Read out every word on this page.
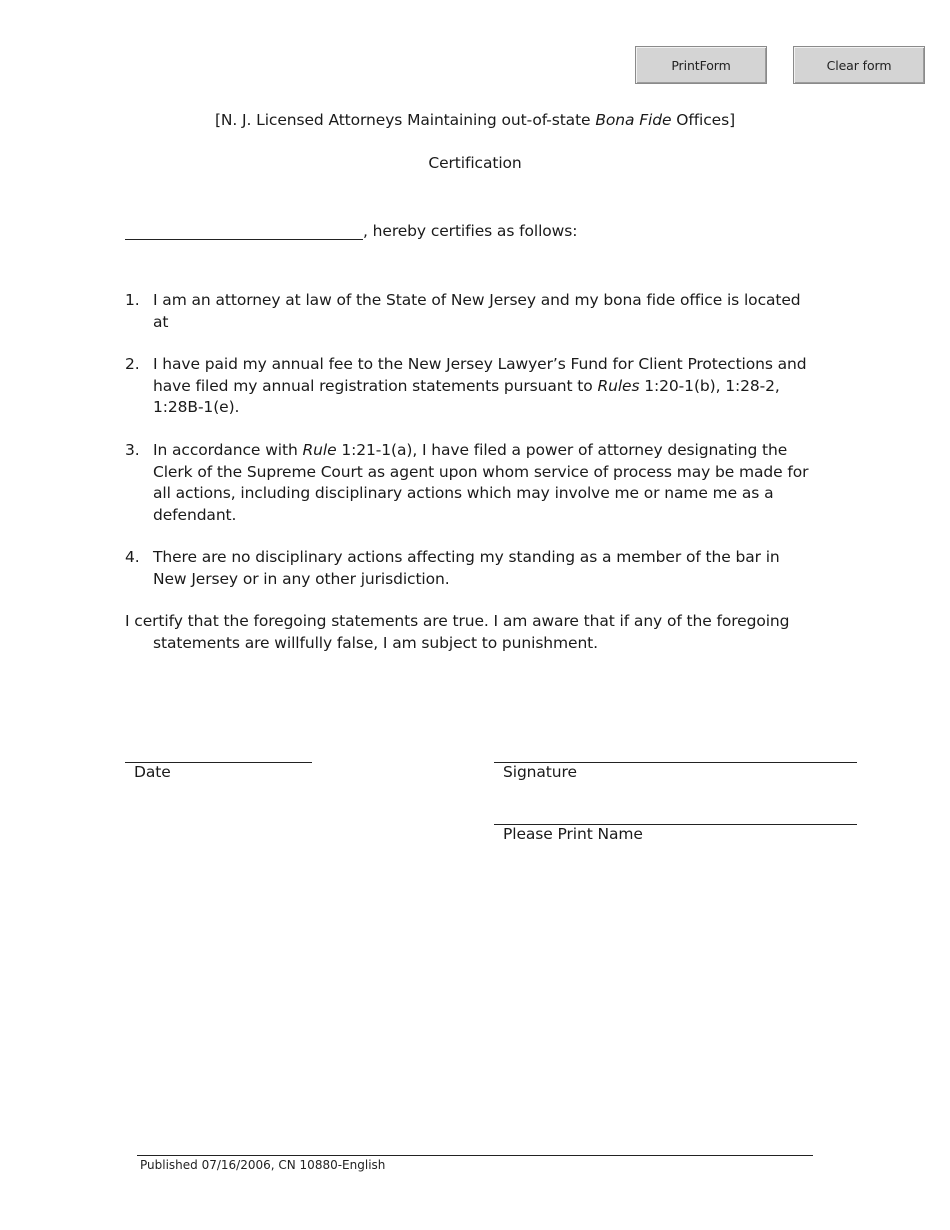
PrintForm	Clear form
[N. J. Licensed Attorneys Maintaining out-of-state Bona Fide Offices]
Certification
, hereby certifies as follows:
1. I am an attorney at law of the State of New Jersey and my bona fide office is located at
2. I have paid my annual fee to the New Jersey Lawyer’s Fund for Client Protections and have filed my annual registration statements pursuant to Rules 1:20-1(b), 1:28-2, 1:28B-1(e).
3. In accordance with Rule 1:21-1(a), I have filed a power of attorney designating the Clerk of the Supreme Court as agent upon whom service of process may be made for all actions, including disciplinary actions which may involve me or name me as a defendant.
4. There are no disciplinary actions affecting my standing as a member of the bar in New Jersey or in any other jurisdiction.
I certify that the foregoing statements are true. I am aware that if any of the foregoing statements are willfully false, I am subject to punishment.
Date	Signature
Please Print Name
Published 07/16/2006, CN 10880-English
